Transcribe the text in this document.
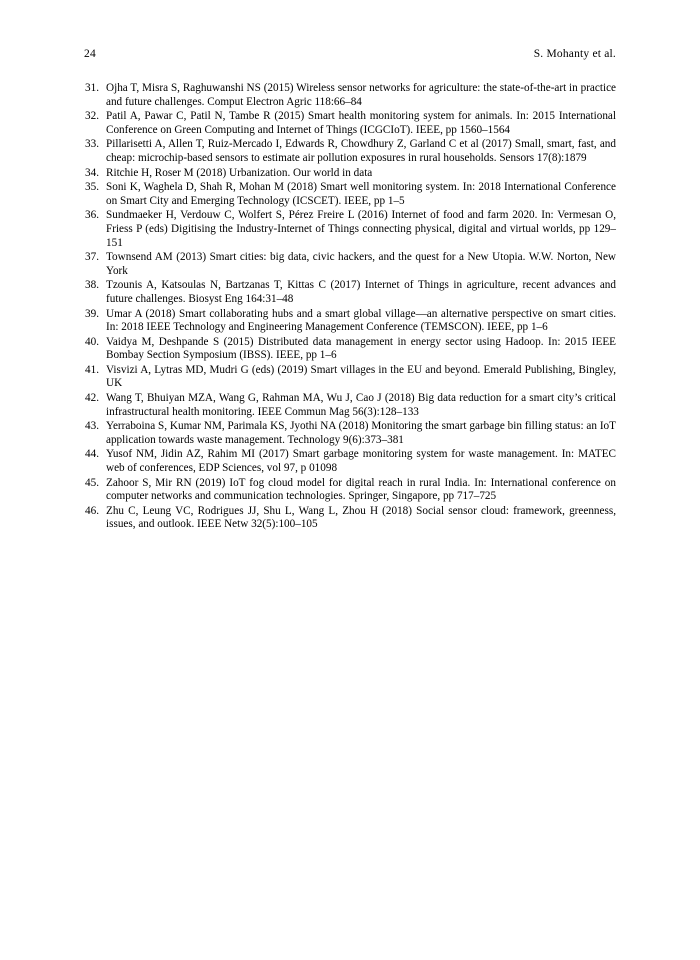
24	S. Mohanty et al.
31. Ojha T, Misra S, Raghuwanshi NS (2015) Wireless sensor networks for agriculture: the state-of-the-art in practice and future challenges. Comput Electron Agric 118:66–84
32. Patil A, Pawar C, Patil N, Tambe R (2015) Smart health monitoring system for animals. In: 2015 International Conference on Green Computing and Internet of Things (ICGCIoT). IEEE, pp 1560–1564
33. Pillarisetti A, Allen T, Ruiz-Mercado I, Edwards R, Chowdhury Z, Garland C et al (2017) Small, smart, fast, and cheap: microchip-based sensors to estimate air pollution exposures in rural households. Sensors 17(8):1879
34. Ritchie H, Roser M (2018) Urbanization. Our world in data
35. Soni K, Waghela D, Shah R, Mohan M (2018) Smart well monitoring system. In: 2018 International Conference on Smart City and Emerging Technology (ICSCET). IEEE, pp 1–5
36. Sundmaeker H, Verdouw C, Wolfert S, Pérez Freire L (2016) Internet of food and farm 2020. In: Vermesan O, Friess P (eds) Digitising the Industry-Internet of Things connecting physical, digital and virtual worlds, pp 129–151
37. Townsend AM (2013) Smart cities: big data, civic hackers, and the quest for a New Utopia. W.W. Norton, New York
38. Tzounis A, Katsoulas N, Bartzanas T, Kittas C (2017) Internet of Things in agriculture, recent advances and future challenges. Biosyst Eng 164:31–48
39. Umar A (2018) Smart collaborating hubs and a smart global village—an alternative perspective on smart cities. In: 2018 IEEE Technology and Engineering Management Conference (TEMSCON). IEEE, pp 1–6
40. Vaidya M, Deshpande S (2015) Distributed data management in energy sector using Hadoop. In: 2015 IEEE Bombay Section Symposium (IBSS). IEEE, pp 1–6
41. Visvizi A, Lytras MD, Mudri G (eds) (2019) Smart villages in the EU and beyond. Emerald Publishing, Bingley, UK
42. Wang T, Bhuiyan MZA, Wang G, Rahman MA, Wu J, Cao J (2018) Big data reduction for a smart city’s critical infrastructural health monitoring. IEEE Commun Mag 56(3):128–133
43. Yerraboina S, Kumar NM, Parimala KS, Jyothi NA (2018) Monitoring the smart garbage bin filling status: an IoT application towards waste management. Technology 9(6):373–381
44. Yusof NM, Jidin AZ, Rahim MI (2017) Smart garbage monitoring system for waste management. In: MATEC web of conferences, EDP Sciences, vol 97, p 01098
45. Zahoor S, Mir RN (2019) IoT fog cloud model for digital reach in rural India. In: International conference on computer networks and communication technologies. Springer, Singapore, pp 717–725
46. Zhu C, Leung VC, Rodrigues JJ, Shu L, Wang L, Zhou H (2018) Social sensor cloud: framework, greenness, issues, and outlook. IEEE Netw 32(5):100–105
